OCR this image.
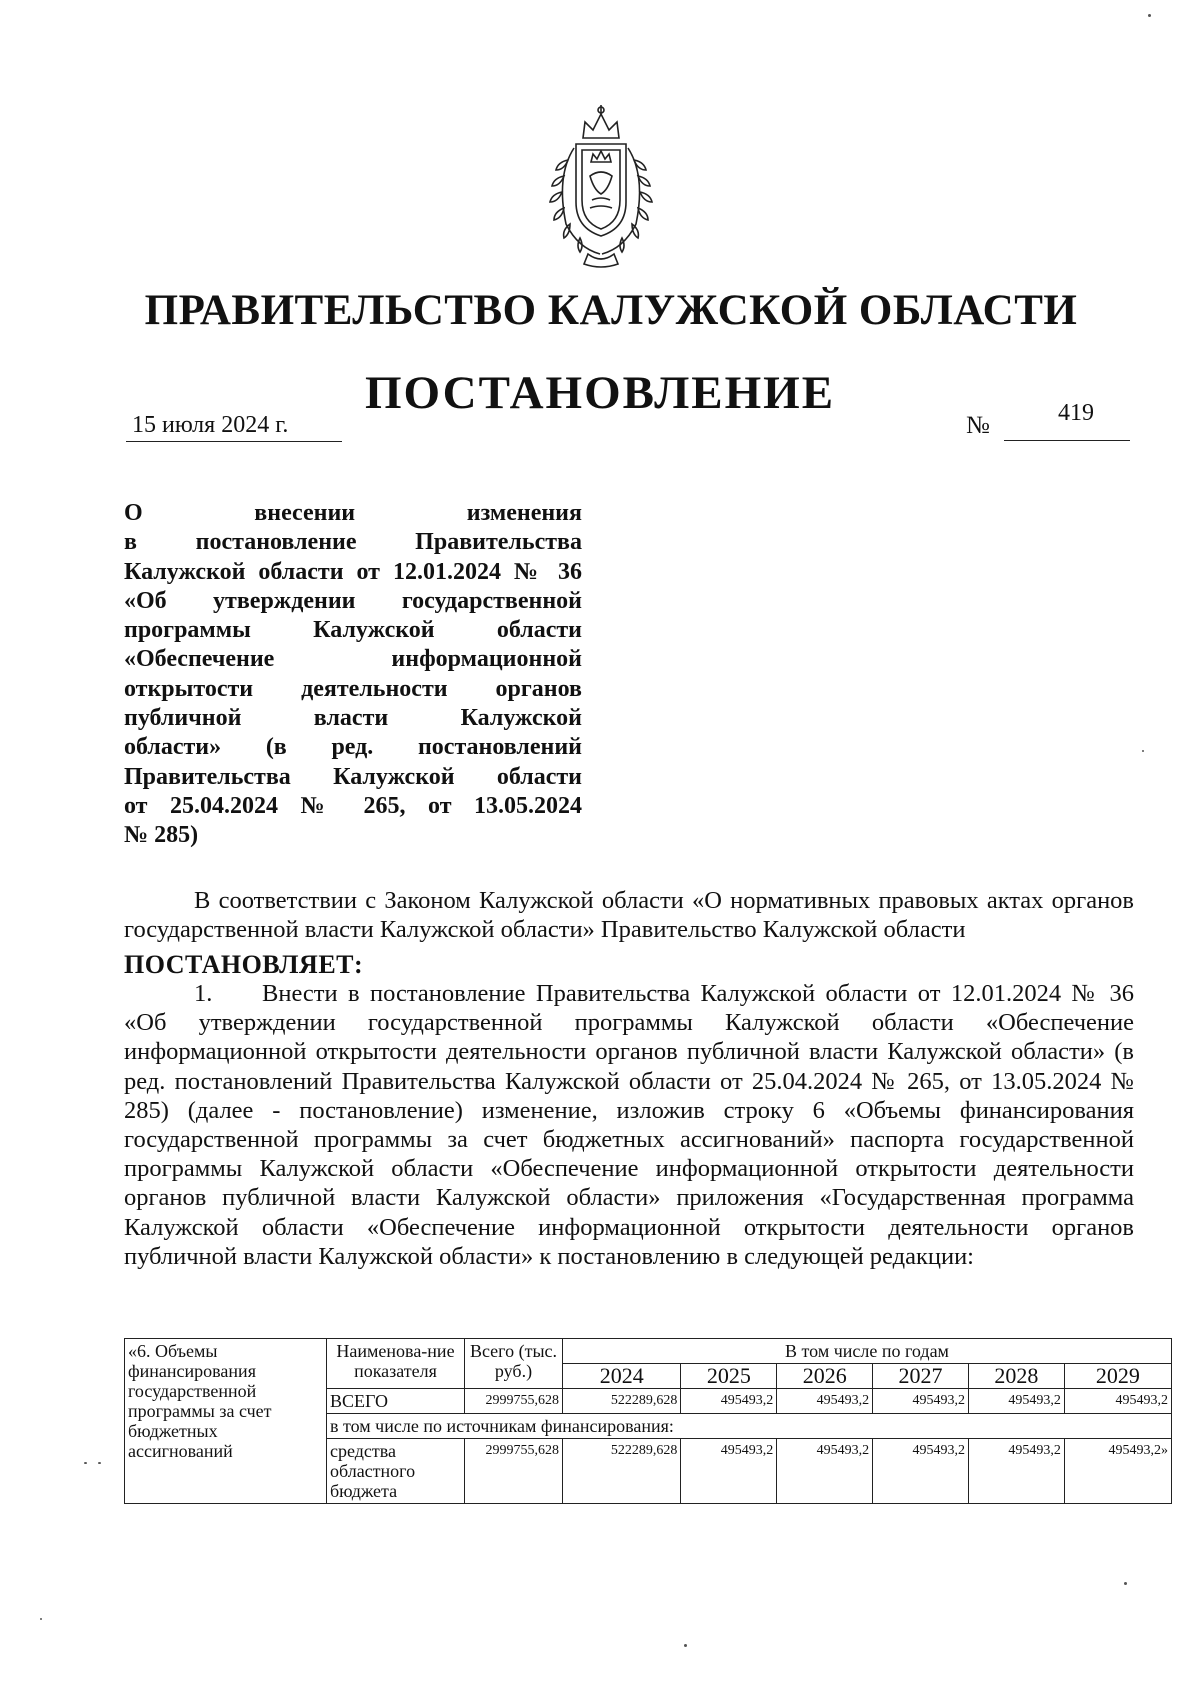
ПРАВИТЕЛЬСТВО КАЛУЖСКОЙ ОБЛАСТИ
ПОСТАНОВЛЕНИЕ
15 июля 2024 г.	№	419
О внесении изменения
в постановление Правительства
Калужской области от 12.01.2024 № 36
«Об утверждении государственной
программы Калужской области
«Обеспечение информационной
открытости деятельности органов
публичной власти Калужской
области» (в ред. постановлений
Правительства Калужской области
от 25.04.2024 № 265, от 13.05.2024

№ 285)
В соответствии с Законом Калужской области «О нормативных правовых актах органов государственной власти Калужской области» Правительство Калужской области
ПОСТАНОВЛЯЕТ:
1. Внести в постановление Правительства Калужской области от 12.01.2024 № 36 «Об утверждении государственной программы Калужской области «Обеспечение информационной открытости деятельности органов публичной власти Калужской области» (в ред. постановлений Правительства Калужской области от 25.04.2024 № 265, от 13.05.2024 № 285) (далее - постановление) изменение, изложив строку 6 «Объемы финансирования государственной программы за счет бюджетных ассигнований» паспорта государственной программы Калужской области «Обеспечение информационной открытости деятельности органов публичной власти Калужской области» приложения «Государственная программа Калужской области «Обеспечение информационной открытости деятельности органов публичной власти Калужской области» к постановлению в следующей редакции:
«6. Объемы финансирования государственной программы за счет бюджетных ассигнований	Наименова-ние показателя	Всего (тыс. руб.)	В том числе по годам					
			2024	2025	2026	2027	2028	2029
	ВСЕГО	2999755,628	522289,628	495493,2	495493,2	495493,2	495493,2	495493,2
	в том числе по источникам финансирования:							
	средства областного бюджета	2999755,628	522289,628	495493,2	495493,2	495493,2	495493,2	495493,2»
